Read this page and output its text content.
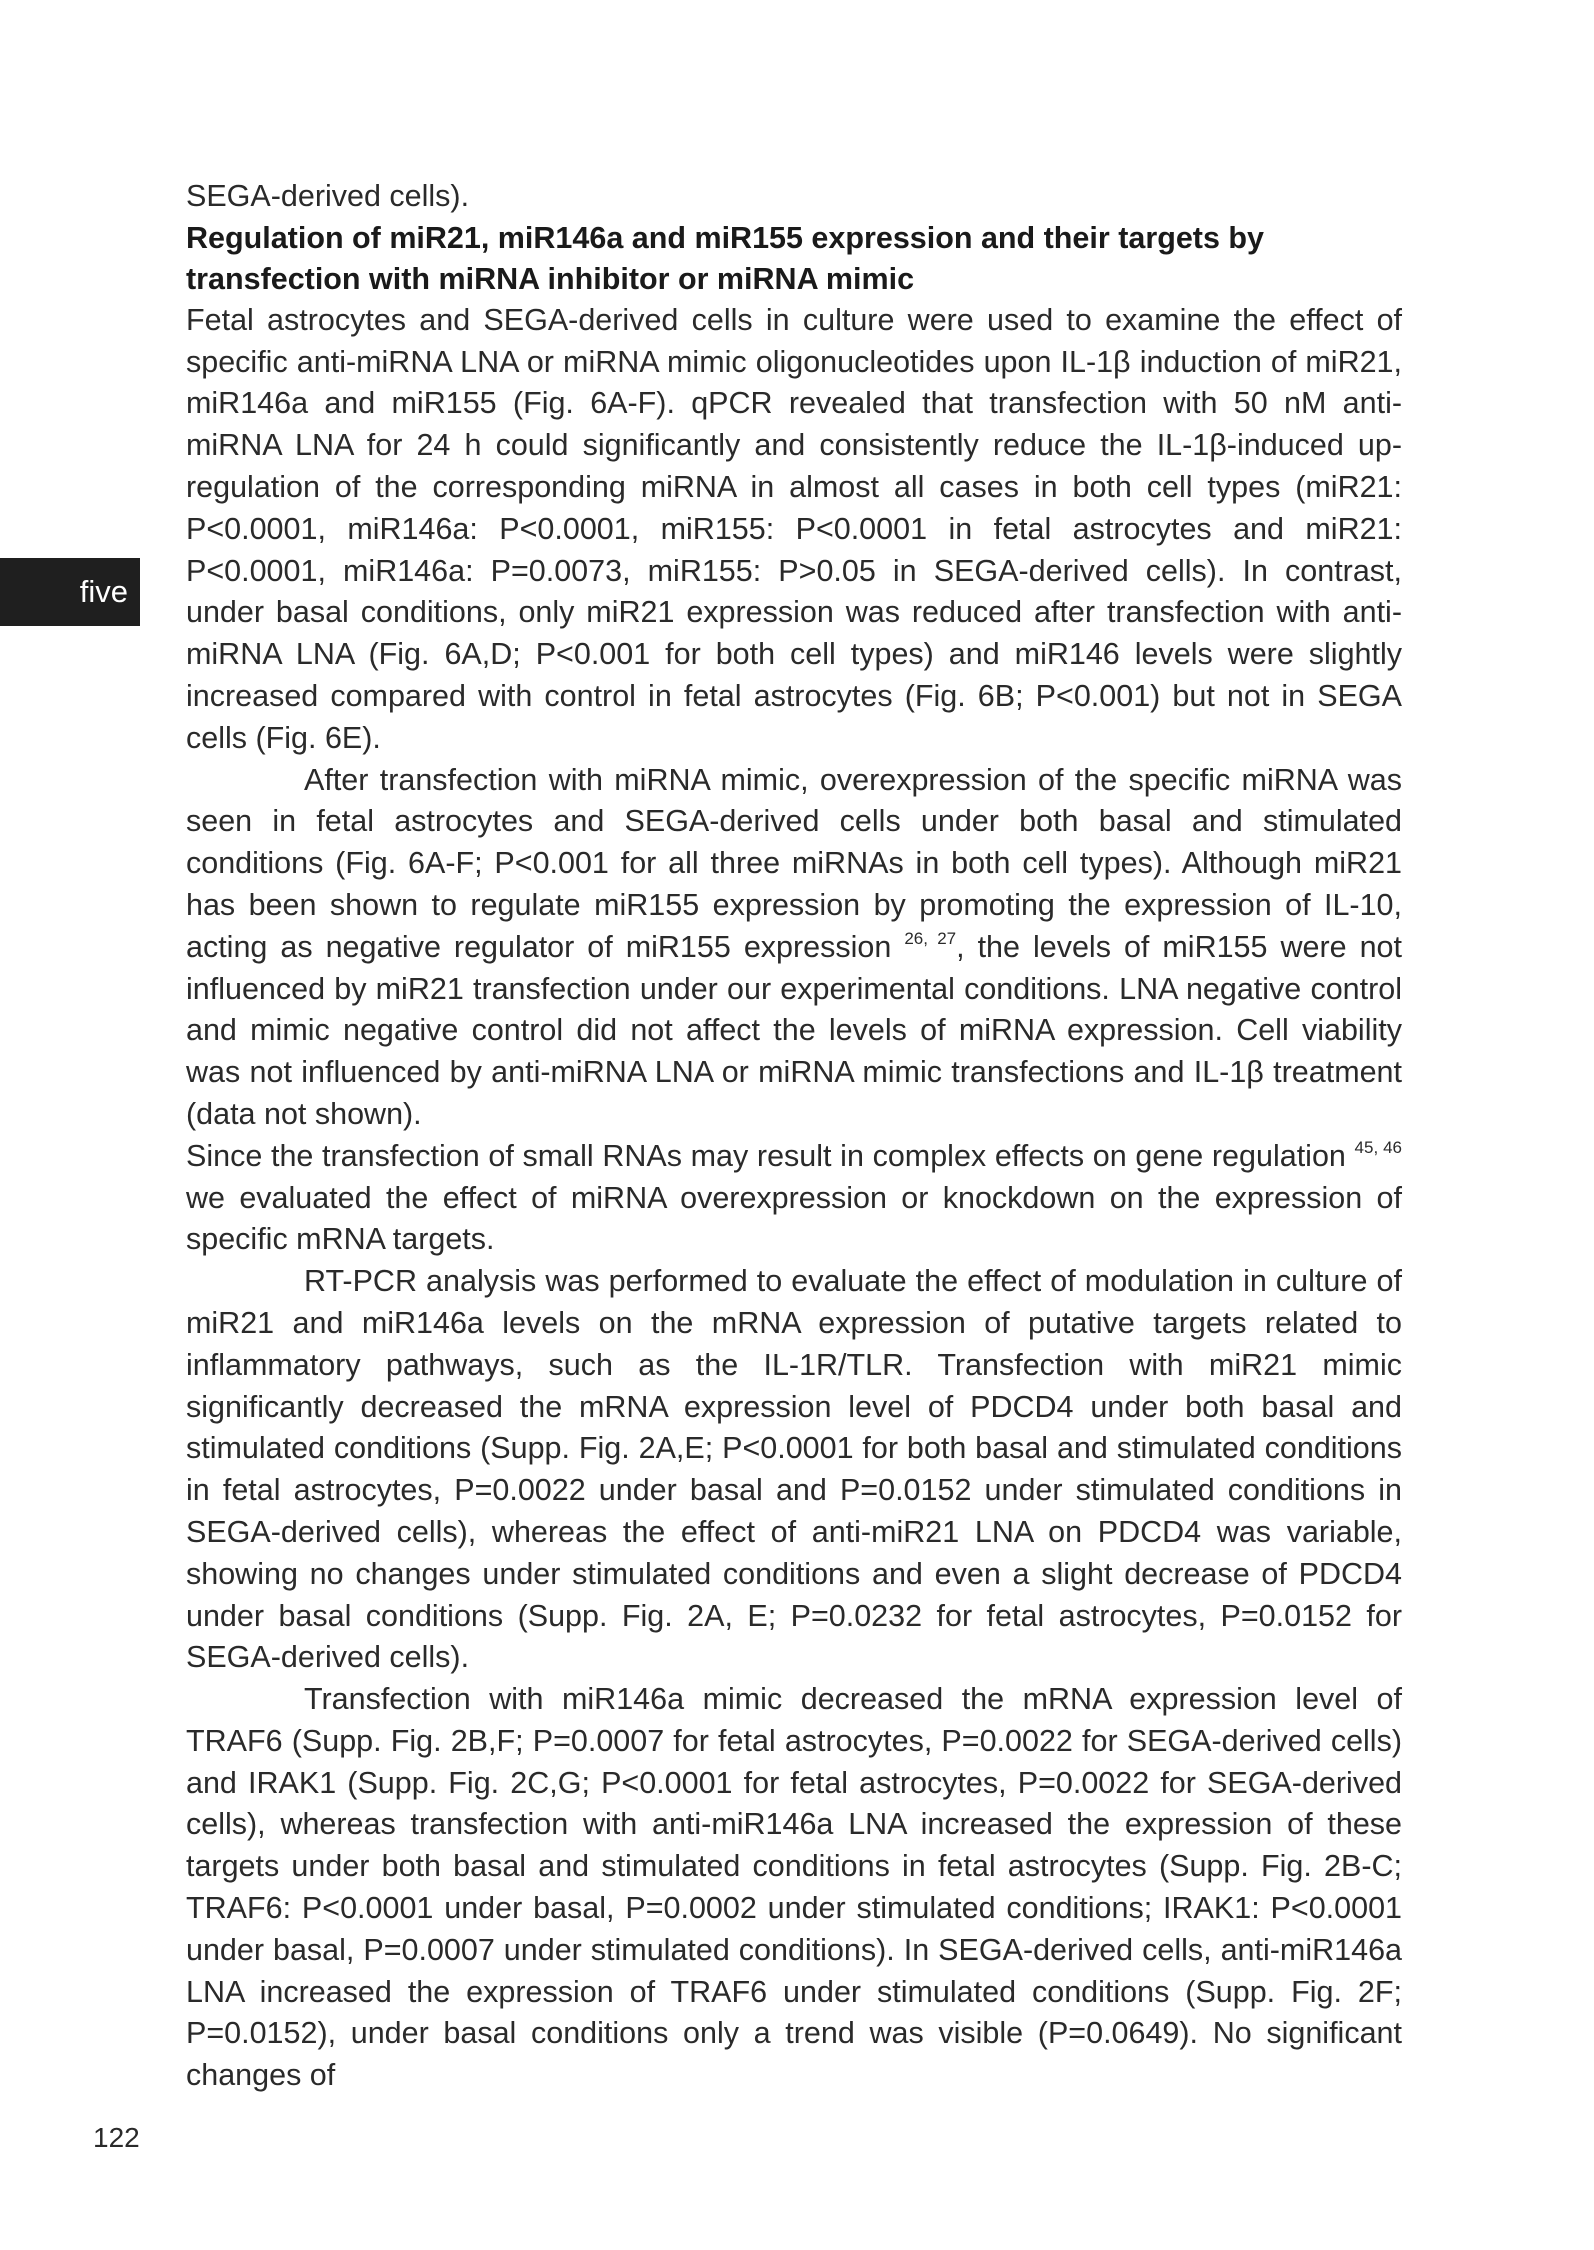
five

SEGA-derived cells).

Regulation of miR21, miR146a and miR155 expression and their targets by transfection with miRNA inhibitor or miRNA mimic

Fetal astrocytes and SEGA-derived cells in culture were used to examine the effect of specific anti-miRNA LNA or miRNA mimic oligonucleotides upon IL-1β induction of miR21, miR146a and miR155 (Fig. 6A-F). qPCR revealed that transfection with 50 nM anti-miRNA LNA for 24 h could significantly and consistently reduce the IL-1β-induced up-regulation of the corresponding miRNA in almost all cases in both cell types (miR21: P<0.0001, miR146a: P<0.0001, miR155: P<0.0001 in fetal astrocytes and miR21: P<0.0001, miR146a: P=0.0073, miR155: P>0.05 in SEGA-derived cells). In contrast, under basal conditions, only miR21 expression was reduced after transfection with anti-miRNA LNA (Fig. 6A,D; P<0.001 for both cell types) and miR146 levels were slightly increased compared with control in fetal astrocytes (Fig. 6B; P<0.001) but not in SEGA cells (Fig. 6E).

After transfection with miRNA mimic, overexpression of the specific miRNA was seen in fetal astrocytes and SEGA-derived cells under both basal and stimulated conditions (Fig. 6A-F; P<0.001 for all three miRNAs in both cell types). Although miR21 has been shown to regulate miR155 expression by promoting the expression of IL-10, acting as negative regulator of miR155 expression $^{26, 27}$, the levels of miR155 were not influenced by miR21 transfection under our experimental conditions. LNA negative control and mimic negative control did not affect the levels of miRNA expression. Cell viability was not influenced by anti-miRNA LNA or miRNA mimic transfections and IL-1β treatment (data not shown).

Since the transfection of small RNAs may result in complex effects on gene regulation $^{45, 46}$ we evaluated the effect of miRNA overexpression or knockdown on the expression of specific mRNA targets.

RT-PCR analysis was performed to evaluate the effect of modulation in culture of miR21 and miR146a levels on the mRNA expression of putative targets related to inflammatory pathways, such as the IL-1R/TLR. Transfection with miR21 mimic significantly decreased the mRNA expression level of PDCD4 under both basal and stimulated conditions (Supp. Fig. 2A,E; P<0.0001 for both basal and stimulated conditions in fetal astrocytes, P=0.0022 under basal and P=0.0152 under stimulated conditions in SEGA-derived cells), whereas the effect of anti-miR21 LNA on PDCD4 was variable, showing no changes under stimulated conditions and even a slight decrease of PDCD4 under basal conditions (Supp. Fig. 2A, E; P=0.0232 for fetal astrocytes, P=0.0152 for SEGA-derived cells).

Transfection with miR146a mimic decreased the mRNA expression level of TRAF6 (Supp. Fig. 2B,F; P=0.0007 for fetal astrocytes, P=0.0022 for SEGA-derived cells) and IRAK1 (Supp. Fig. 2C,G; P<0.0001 for fetal astrocytes, P=0.0022 for SEGA-derived cells), whereas transfection with anti-miR146a LNA increased the expression of these targets under both basal and stimulated conditions in fetal astrocytes (Supp. Fig. 2B-C; TRAF6: P<0.0001 under basal, P=0.0002 under stimulated conditions; IRAK1: P<0.0001 under basal, P=0.0007 under stimulated conditions). In SEGA-derived cells, anti-miR146a LNA increased the expression of TRAF6 under stimulated conditions (Supp. Fig. 2F; P=0.0152), under basal conditions only a trend was visible (P=0.0649). No significant changes of

122
